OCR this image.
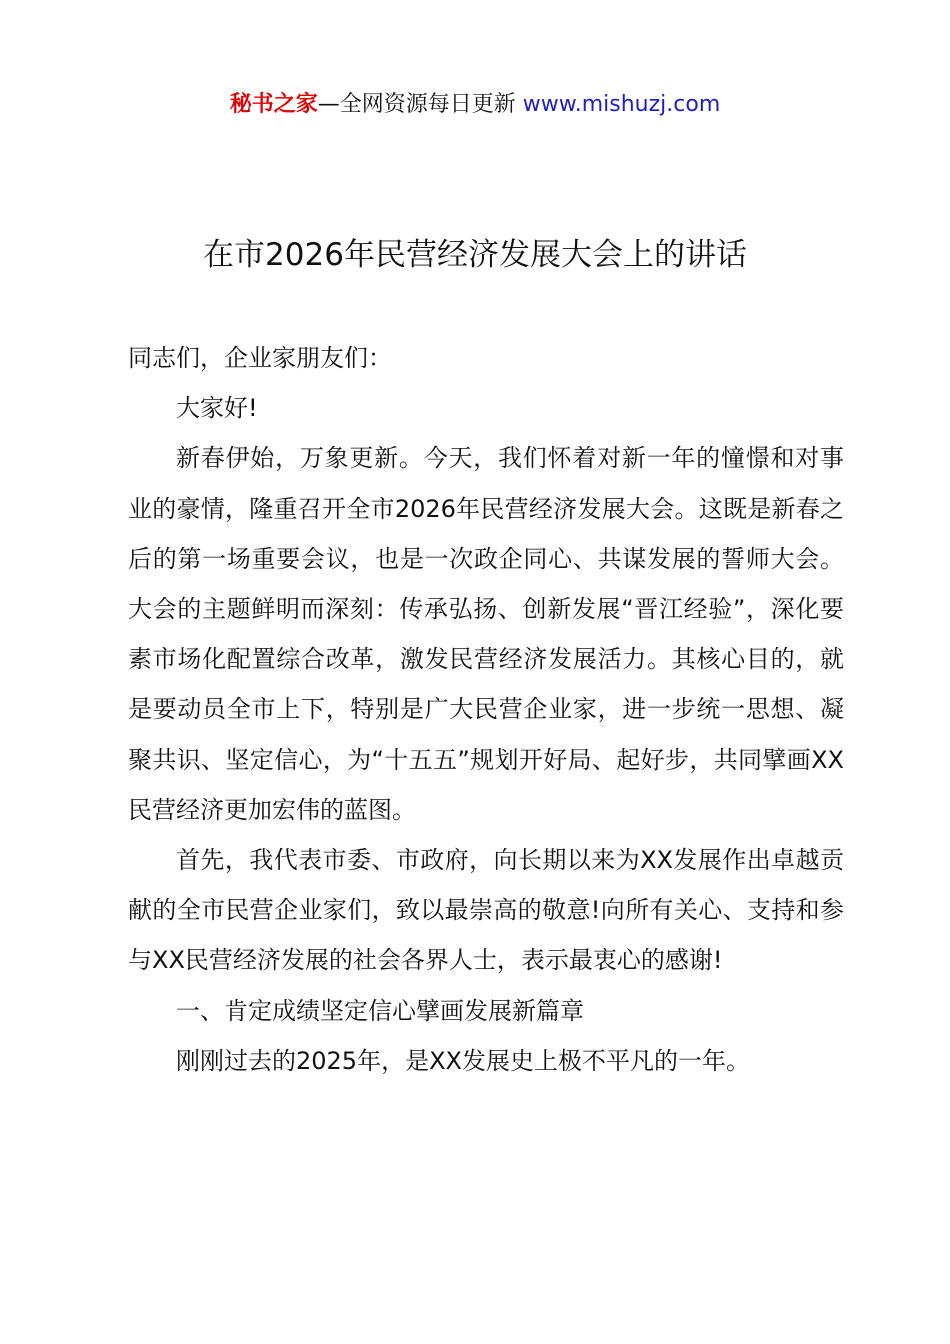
秘书之家—全网资源每日更新 www.mishuzj.com
在市2026年民营经济发展大会上的讲话

同志们，企业家朋友们：

大家好!

新春伊始，万象更新。今天，我们怀着对新一年的憧憬和对事业的豪情，隆重召开全市2026年民营经济发展大会。这既是新春之后的第一场重要会议，也是一次政企同心、共谋发展的誓师大会。大会的主题鲜明而深刻：传承弘扬、创新发展“晋江经验”，深化要素市场化配置综合改革，激发民营经济发展活力。其核心目的，就是要动员全市上下，特别是广大民营企业家，进一步统一思想、凝聚共识、坚定信心，为“十五五”规划开好局、起好步，共同擘画XX民营经济更加宏伟的蓝图。

首先，我代表市委、市政府，向长期以来为XX发展作出卓越贡献的全市民营企业家们，致以最崇高的敬意!向所有关心、支持和参与XX民营经济发展的社会各界人士，表示最衷心的感谢!

一、肯定成绩坚定信心擘画发展新篇章

刚刚过去的2025年，是XX发展史上极不平凡的一年。
